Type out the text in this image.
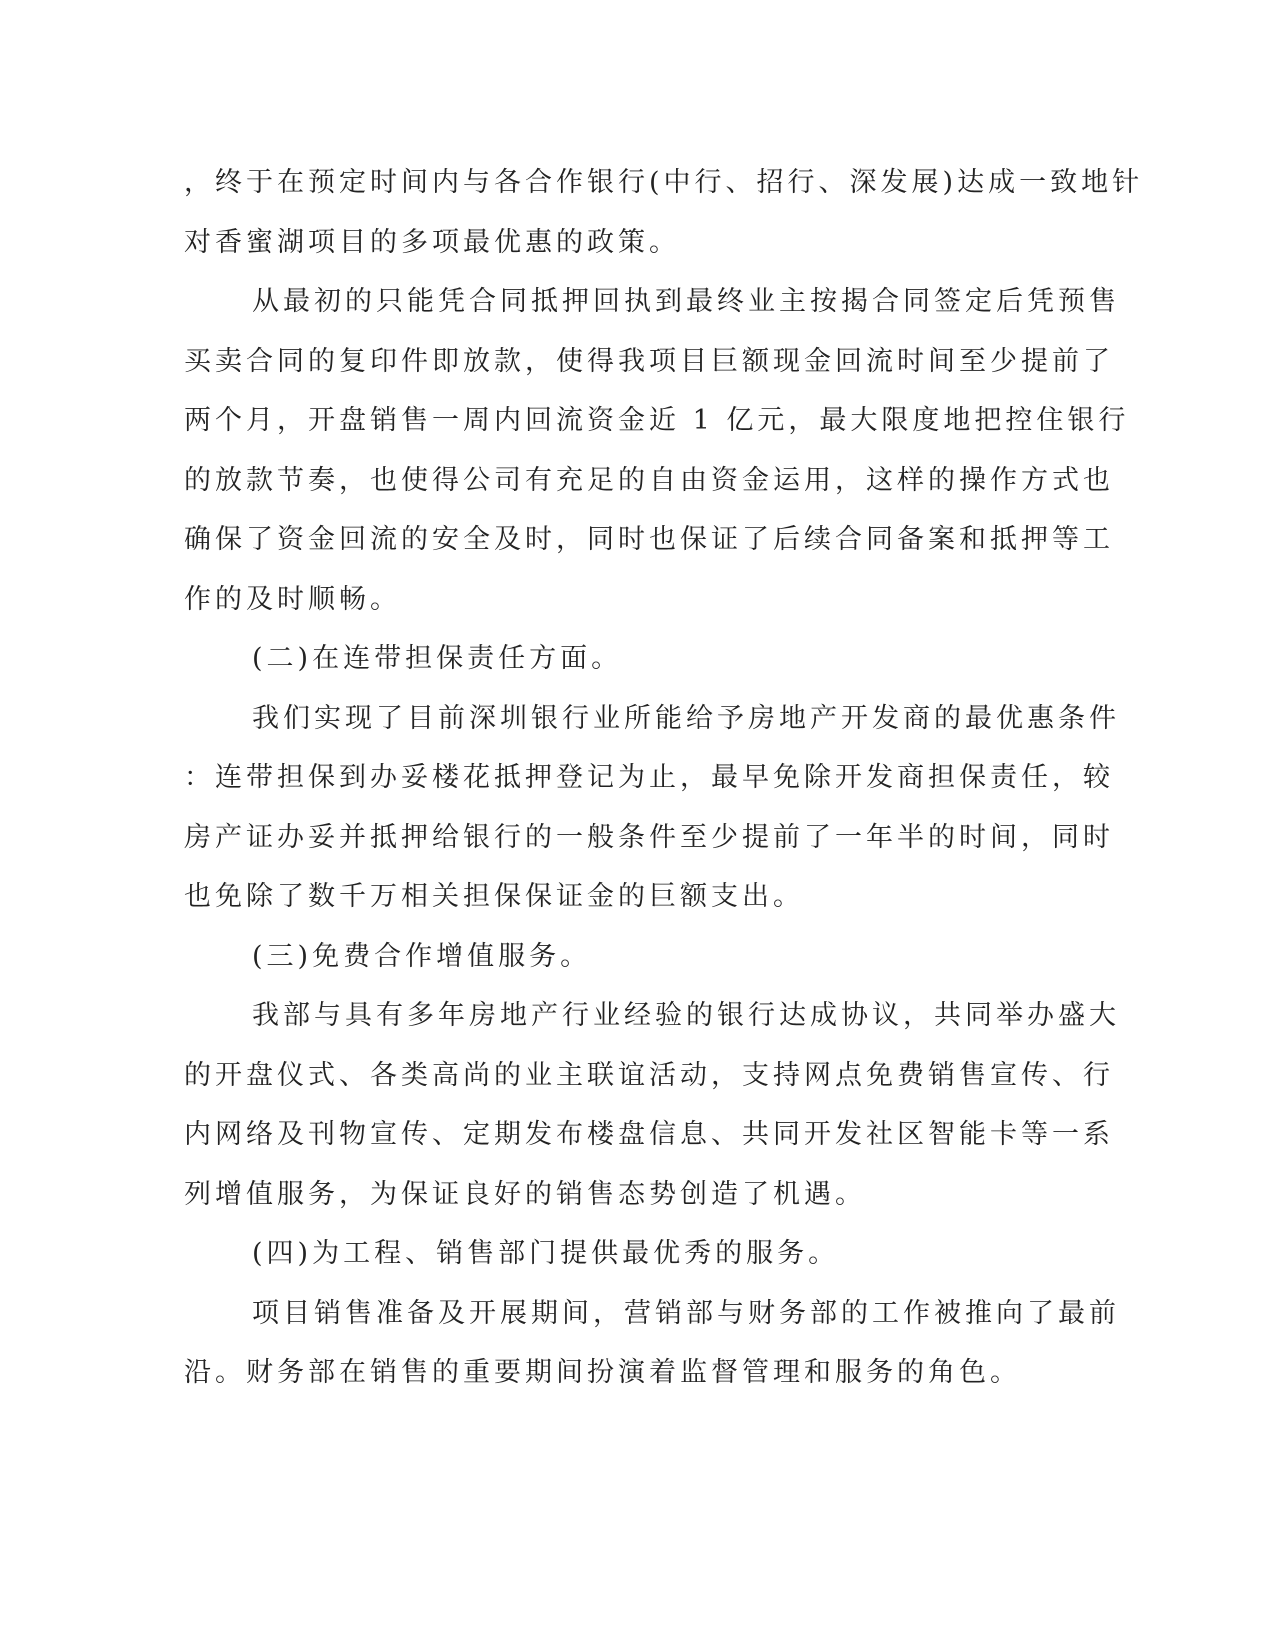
，终于在预定时间内与各合作银行(中行、招行、深发展)达成一致地针
对香蜜湖项目的多项最优惠的政策。
从最初的只能凭合同抵押回执到最终业主按揭合同签定后凭预售
买卖合同的复印件即放款，使得我项目巨额现金回流时间至少提前了
两个月，开盘销售一周内回流资金近 1 亿元，最大限度地把控住银行
的放款节奏，也使得公司有充足的自由资金运用，这样的操作方式也
确保了资金回流的安全及时，同时也保证了后续合同备案和抵押等工
作的及时顺畅。
(二)在连带担保责任方面。
我们实现了目前深圳银行业所能给予房地产开发商的最优惠条件
：连带担保到办妥楼花抵押登记为止，最早免除开发商担保责任，较
房产证办妥并抵押给银行的一般条件至少提前了一年半的时间，同时
也免除了数千万相关担保保证金的巨额支出。
(三)免费合作增值服务。
我部与具有多年房地产行业经验的银行达成协议，共同举办盛大
的开盘仪式、各类高尚的业主联谊活动，支持网点免费销售宣传、行
内网络及刊物宣传、定期发布楼盘信息、共同开发社区智能卡等一系
列增值服务，为保证良好的销售态势创造了机遇。
(四)为工程、销售部门提供最优秀的服务。
项目销售准备及开展期间，营销部与财务部的工作被推向了最前
沿。财务部在销售的重要期间扮演着监督管理和服务的角色。
